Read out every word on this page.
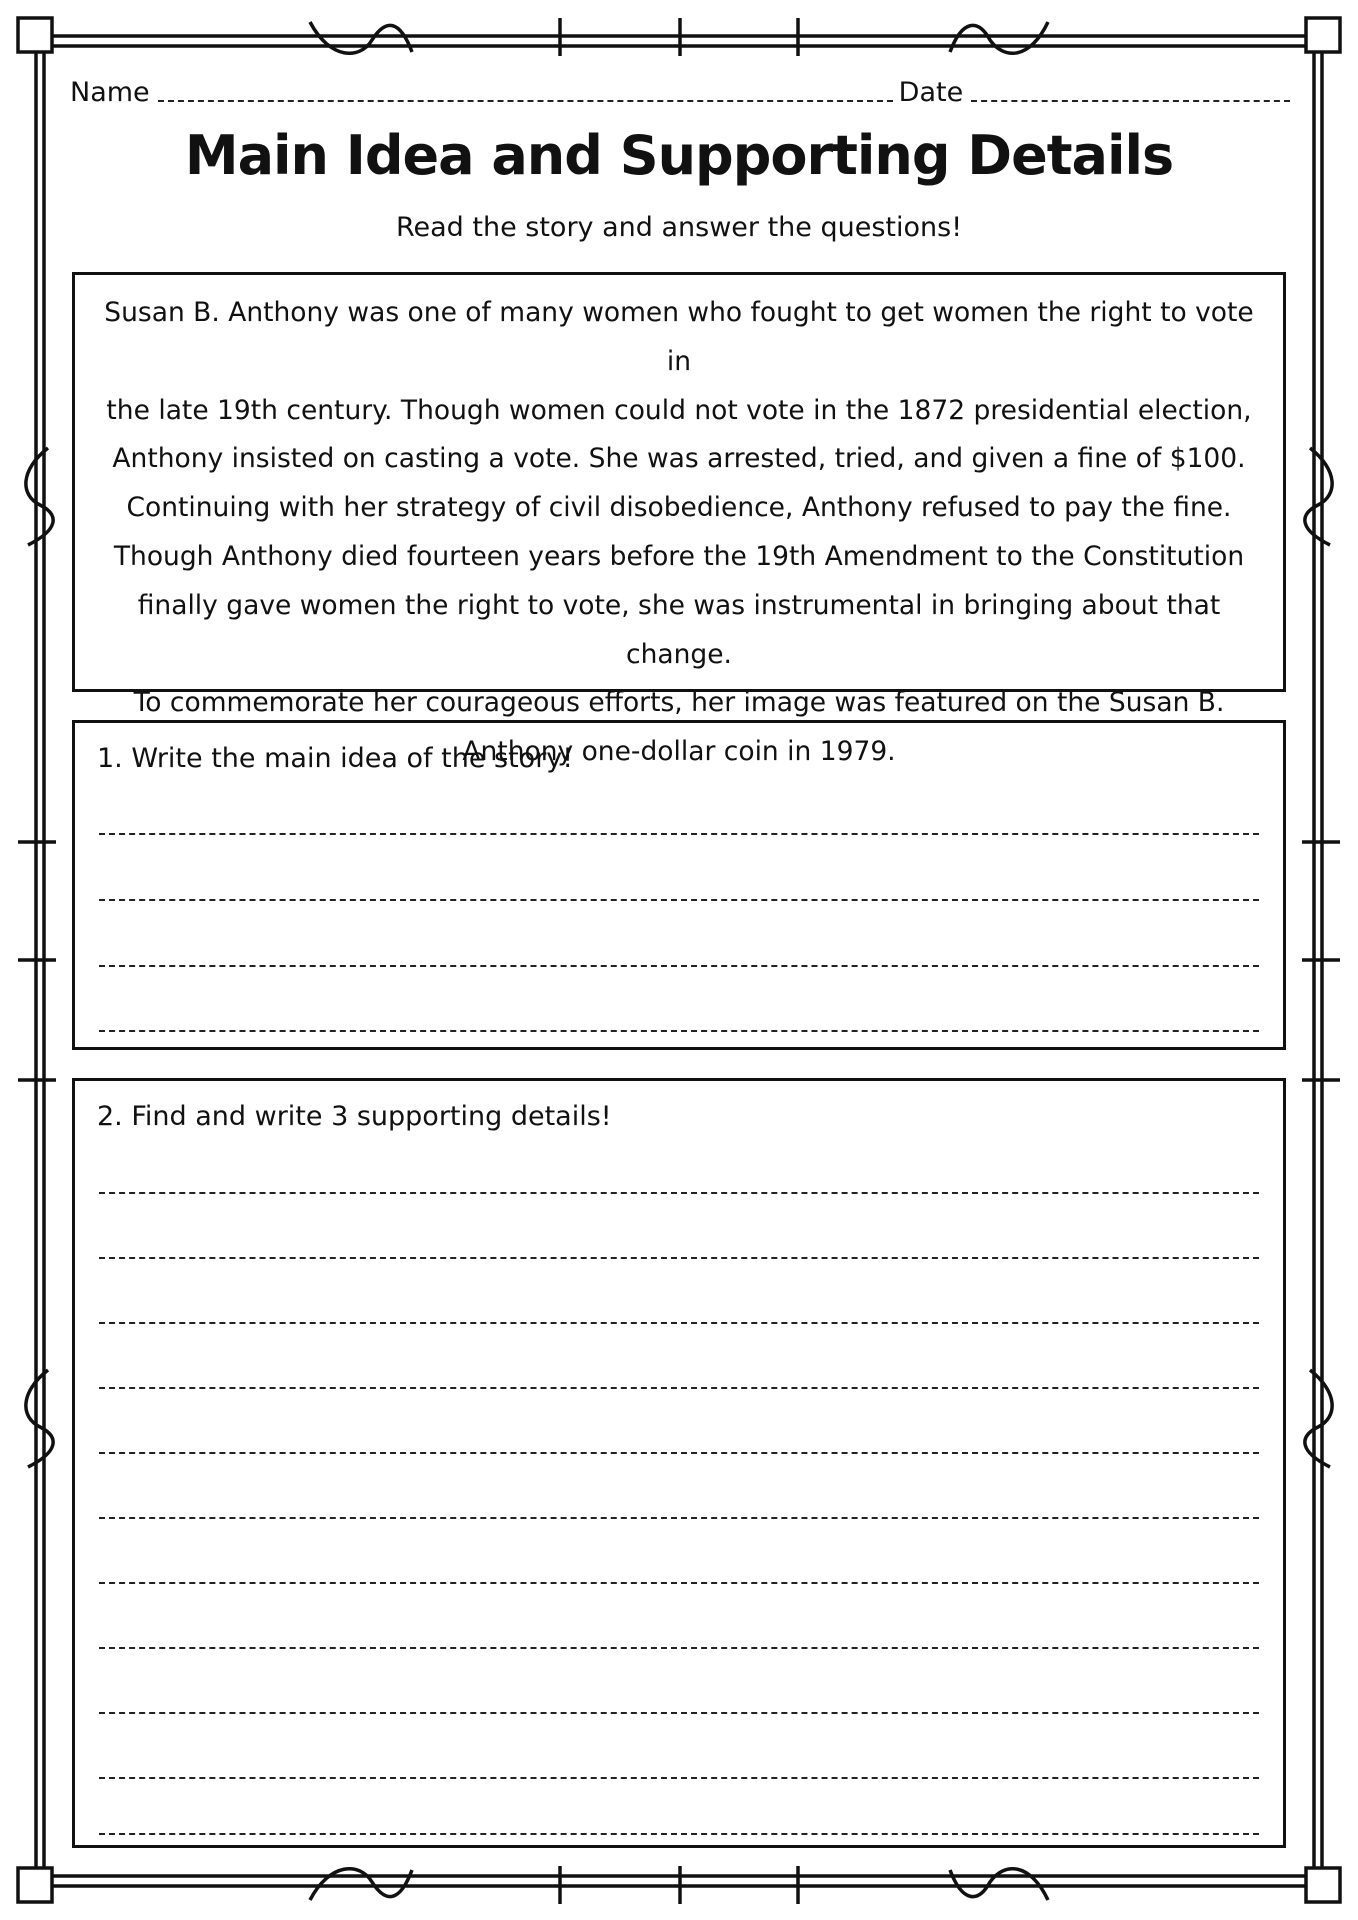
Name	Date
Main Idea and Supporting Details
Read the story and answer the questions!
Susan B. Anthony was one of many women who fought to get women the right to vote in
the late 19th century. Though women could not vote in the 1872 presidential election,
Anthony insisted on casting a vote. She was arrested, tried, and given a fine of $100.
Continuing with her strategy of civil disobedience, Anthony refused to pay the fine.
Though Anthony died fourteen years before the 19th Amendment to the Constitution
finally gave women the right to vote, she was instrumental in bringing about that change.
To commemorate her courageous efforts, her image was featured on the Susan B.
Anthony one-dollar coin in 1979.
1. Write the main idea of the story!
2. Find and write 3 supporting details!
